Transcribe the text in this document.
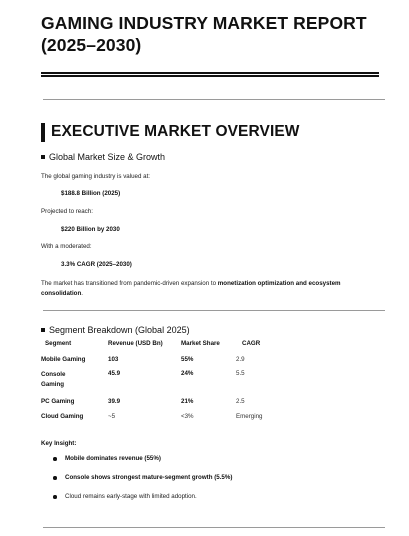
GAMING INDUSTRY MARKET REPORT (2025–2030)
EXECUTIVE MARKET OVERVIEW
Global Market Size & Growth

The global gaming industry is valued at:

$188.8 Billion (2025)

Projected to reach:

$220 Billion by 2030

With a moderated:

3.3% CAGR (2025–2030)

The market has transitioned from pandemic-driven expansion to monetization optimization and ecosystem consolidation.

Segment Breakdown (Global 2025)
Segment	Revenue (USD Bn)	Market Share	CAGR
Mobile Gaming	103	55%	2.9
Console Gaming	45.9	24%	5.5
PC Gaming	39.9	21%	2.5
Cloud Gaming	~5	<3%	Emerging

Key Insight:

Mobile dominates revenue (55%)
Console shows strongest mature-segment growth (5.5%)
Cloud remains early-stage with limited adoption.
